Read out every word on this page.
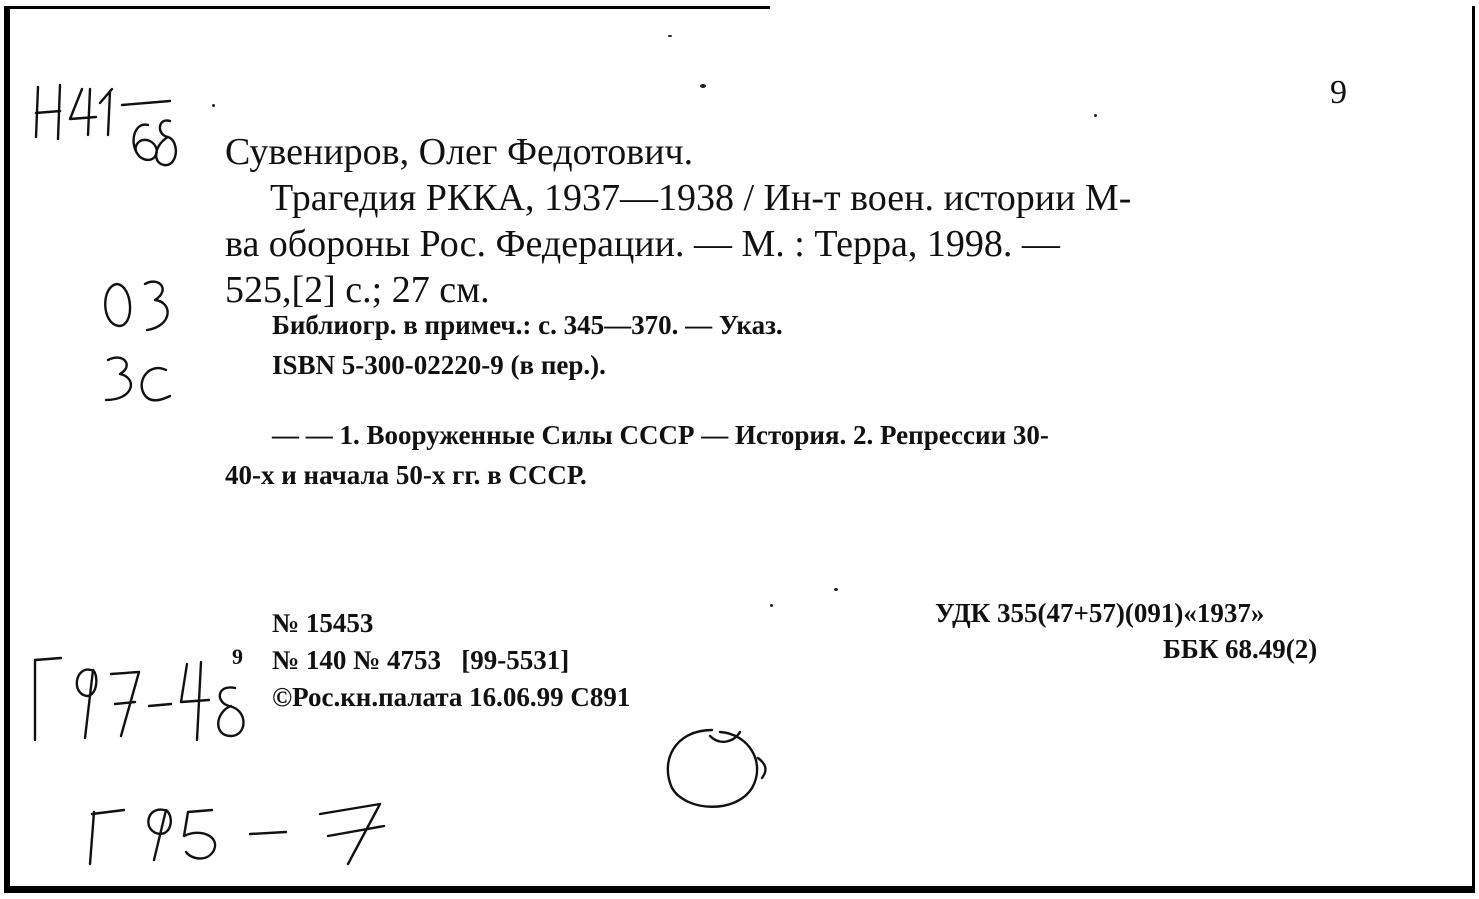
9
Сувениров, Олег Федотович.
Трагедия РККА, 1937—1938 / Ин-т воен. истории М-
ва обороны Рос. Федерации. — М. : Терра, 1998. —
525,[2] с.; 27 см.
Библиогр. в примеч.: с. 345—370. — Указ.
ISBN 5-300-02220-9 (в пер.).
— — 1. Вооруженные Силы СССР — История. 2. Репрессии 30-
40-х и начала 50-х гг. в СССР.
№ 15453
№ 140 № 4753   [99-5531]
©Рос.кн.палата 16.06.99 С891
УДК 355(47+57)(091)«1937»
ББК 68.49(2)
9
